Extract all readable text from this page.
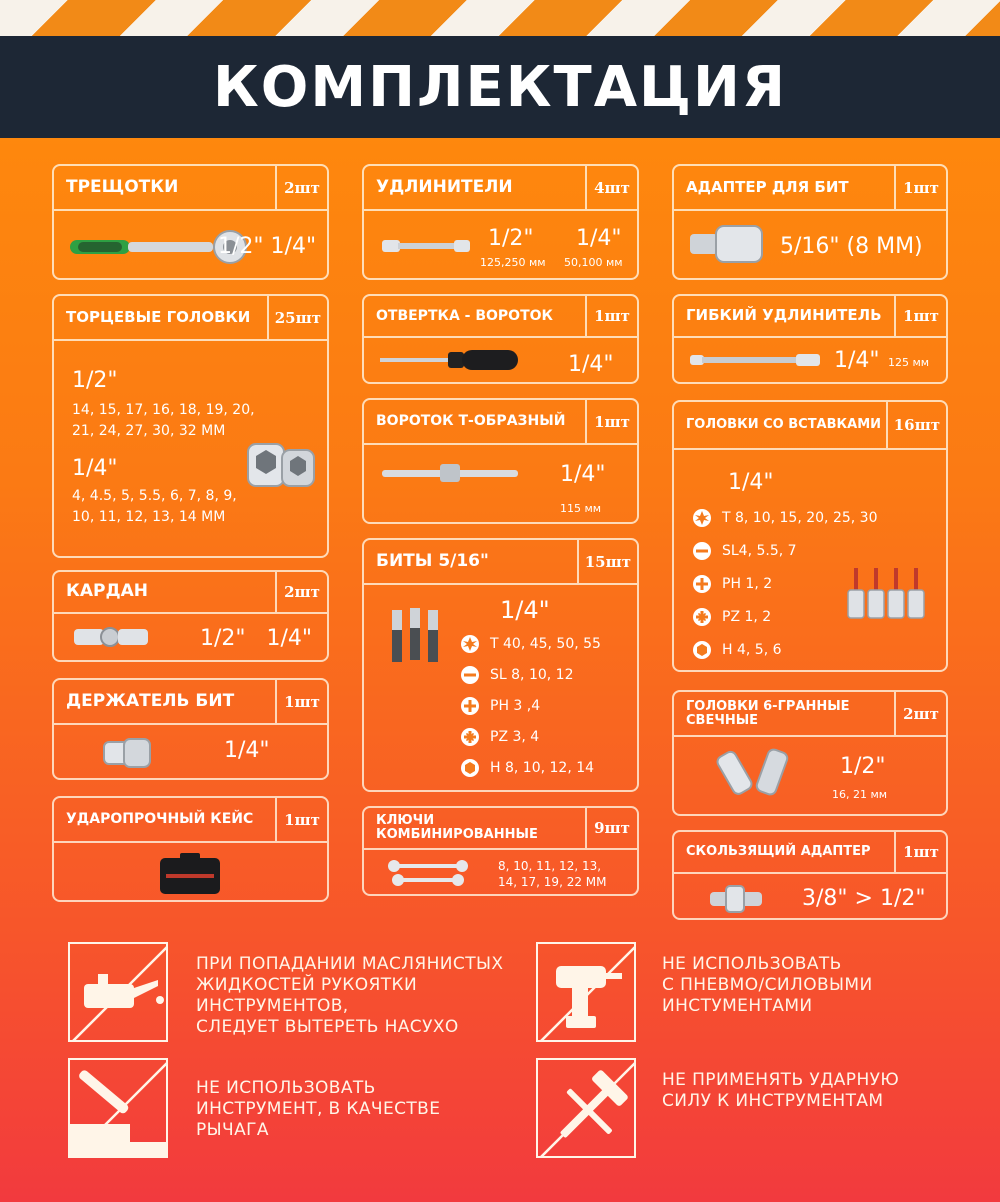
КОМПЛЕКТАЦИЯ
ТРЕЩОТКИ	2шт
1/2" 1/4"
ТОРЦЕВЫЕ ГОЛОВКИ	25шт
1/2"
14, 15, 17, 16, 18, 19, 20,
21, 24, 27, 30, 32 MM
1/4"
4, 4.5, 5, 5.5, 6, 7, 8, 9,
10, 11, 12, 13, 14 MM
КАРДАН	2шт
1/2" 1/4"
ДЕРЖАТЕЛЬ БИТ	1шт
1/4"
УДАРОПРОЧНЫЙ КЕЙС	1шт
УДЛИНИТЕЛИ	4шт
1/2" 1/4"
125,250 мм 50,100 мм
ОТВЕРТКА - ВОРОТОК	1шт
1/4"
ВОРОТОК Т-ОБРАЗНЫЙ	1шт
1/4"
115 мм
БИТЫ 5/16"	15шт
1/4"
T 40, 45, 50, 55
SL 8, 10, 12
PH 3 ,4
PZ 3, 4
H 8, 10, 12, 14
КЛЮЧИ КОМБИНИРОВАННЫЕ	9шт
8, 10, 11, 12, 13,
14, 17, 19, 22 MM
АДАПТЕР ДЛЯ БИТ	1шт
5/16" (8 MM)
ГИБКИЙ УДЛИНИТЕЛЬ	1шт
1/4" 125 мм
ГОЛОВКИ СО ВСТАВКАМИ 16шт
1/4"
T 8, 10, 15, 20, 25, 30
SL4, 5.5, 7
PH 1, 2
PZ 1, 2
H 4, 5, 6
ГОЛОВКИ 6-ГРАННЫЕ СВЕЧНЫЕ	2шт
1/2"
16, 21 мм
СКОЛЬЗЯЩИЙ АДАПТЕР	1шт
3/8" > 1/2"
ПРИ ПОПАДАНИИ МАСЛЯНИСТЫХ
ЖИДКОСТЕЙ РУКОЯТКИ
ИНСТРУМЕНТОВ,
СЛЕДУЕТ ВЫТЕРЕТЬ НАСУХО
НЕ ИСПОЛЬЗОВАТЬ
С ПНЕВМО/СИЛОВЫМИ
ИНСТУМЕНТАМИ
НЕ ИСПОЛЬЗОВАТЬ
ИНСТРУМЕНТ, В КАЧЕСТВЕ
РЫЧАГА
НЕ ПРИМЕНЯТЬ УДАРНУЮ
СИЛУ К ИНСТРУМЕНТАМ
